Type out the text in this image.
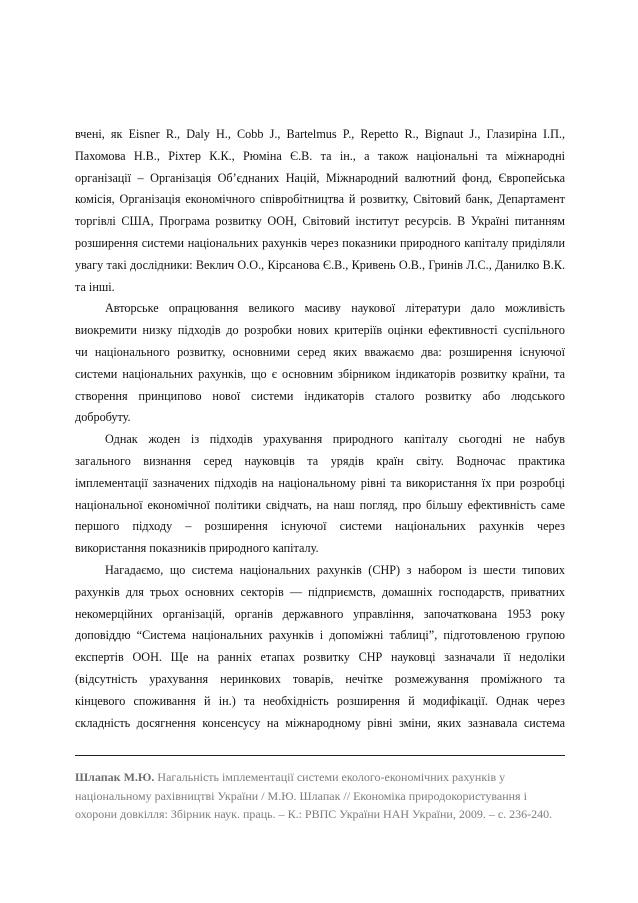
вчені, як Eisner R., Daly H., Cobb J., Bartelmus P., Repetto R., Bignaut J., Глазиріна І.П.,
Пахомова Н.В., Ріхтер К.К., Рюміна Є.В. та ін., а також національні та міжнародні
організації – Організація Об’єднаних Націй, Міжнародний валютний фонд, Європейська
комісія, Організація економічного співробітництва й розвитку, Світовий банк, Департамент
торгівлі США, Програма розвитку ООН, Світовий інститут ресурсів. В Україні питанням
розширення системи національних рахунків через показники природного капіталу приділяли
увагу такі дослідники: Веклич О.О., Кірсанова Є.В., Кривень О.В., Гринів Л.С., Данилко В.К.
та інші.
Авторське опрацювання великого масиву наукової літератури дало можливість
виокремити низку підходів до розробки нових критеріїв оцінки ефективності суспільного
чи національного розвитку, основними серед яких вважаємо два: розширення існуючої
системи національних рахунків, що є основним збірником індикаторів розвитку країни, та
створення принципово нової системи індикаторів сталого розвитку або людського
добробуту.
Однак жоден із підходів урахування природного капіталу сьогодні не набув
загального визнання серед науковців та урядів країн світу. Водночас практика
імплементації зазначених підходів на національному рівні та використання їх при розробці
національної економічної політики свідчать, на наш погляд, про більшу ефективність саме
першого підходу – розширення існуючої системи національних рахунків через
використання показників природного капіталу.
Нагадаємо, що система національних рахунків (СНР) з набором із шести типових
рахунків для трьох основних секторів — підприємств, домашніх господарств, приватних
некомерційних організацій, органів державного управління, започаткована 1953 року
доповіддю “Система національних рахунків і допоміжні таблиці”, підготовленою групою
експертів ООН. Ще на ранніх етапах розвитку СНР науковці зазначали її недоліки
(відсутність урахування неринкових товарів, нечітке розмежування проміжного та
кінцевого споживання й ін.) та необхідність розширення й модифікації. Однак через
складність досягнення консенсусу на міжнародному рівні зміни, яких зазнавала система
Шлапак М.Ю. Нагальність імплементації системи еколого-економічних рахунків у
національному рахівництві України / М.Ю. Шлапак // Економіка природокористування і
охорони довкілля: Збірник наук. праць. – К.: РВПС України НАН України, 2009. – с. 236-240.
